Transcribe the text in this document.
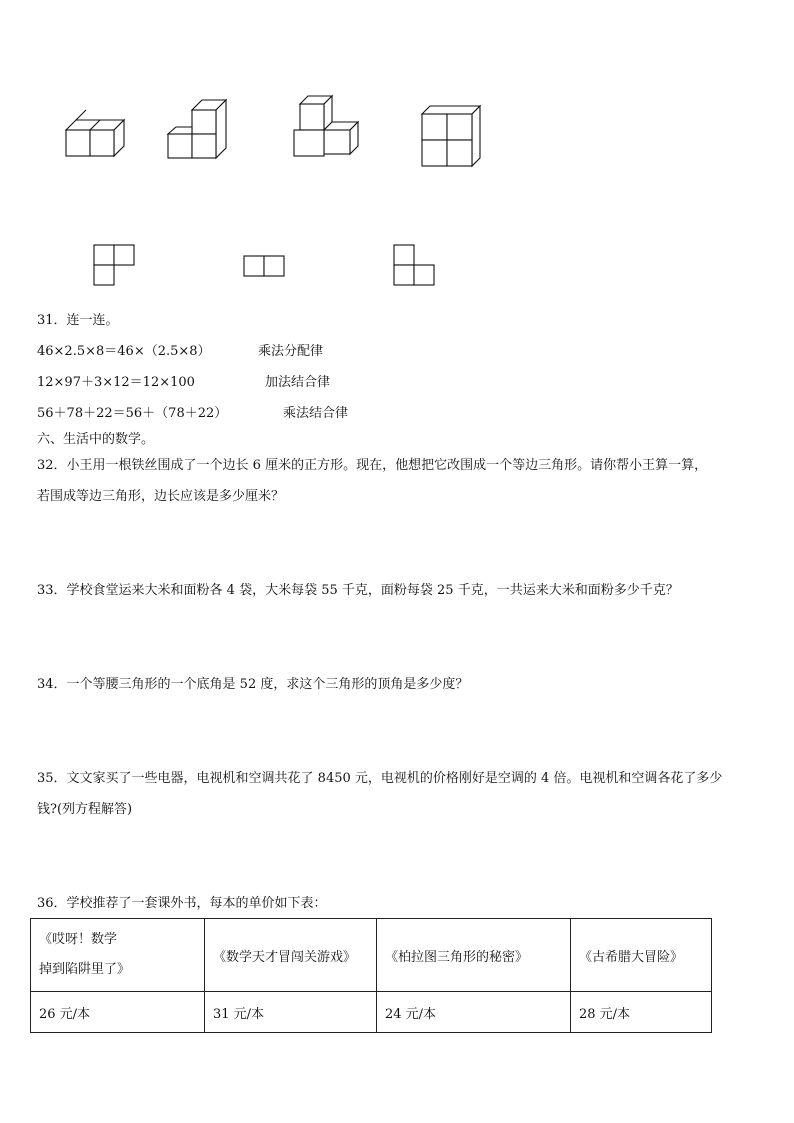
31．连一连。
46×2.5×8＝46×（2.5×8）	乘法分配律
12×97＋3×12＝12×100	加法结合律
56＋78＋22＝56＋（78＋22）	乘法结合律
六、生活中的数学。
32．小王用一根铁丝围成了一个边长 6 厘米的正方形。现在，他想把它改围成一个等边三角形。请你帮小王算一算，
若围成等边三角形，边长应该是多少厘米？
33．学校食堂运来大米和面粉各 4 袋，大米每袋 55 千克，面粉每袋 25 千克，一共运来大米和面粉多少千克？
34．一个等腰三角形的一个底角是 52 度，求这个三角形的顶角是多少度？
35．文文家买了一些电器，电视机和空调共花了 8450 元，电视机的价格刚好是空调的 4 倍。电视机和空调各花了多少
钱?(列方程解答)
36．学校推荐了一套课外书，每本的单价如下表：
《哎呀！数学
掉到陷阱里了》	《数学天才冒闯关游戏》	《柏拉图三角形的秘密》	《古希腊大冒险》
26 元/本	31 元/本	24 元/本	28 元/本
